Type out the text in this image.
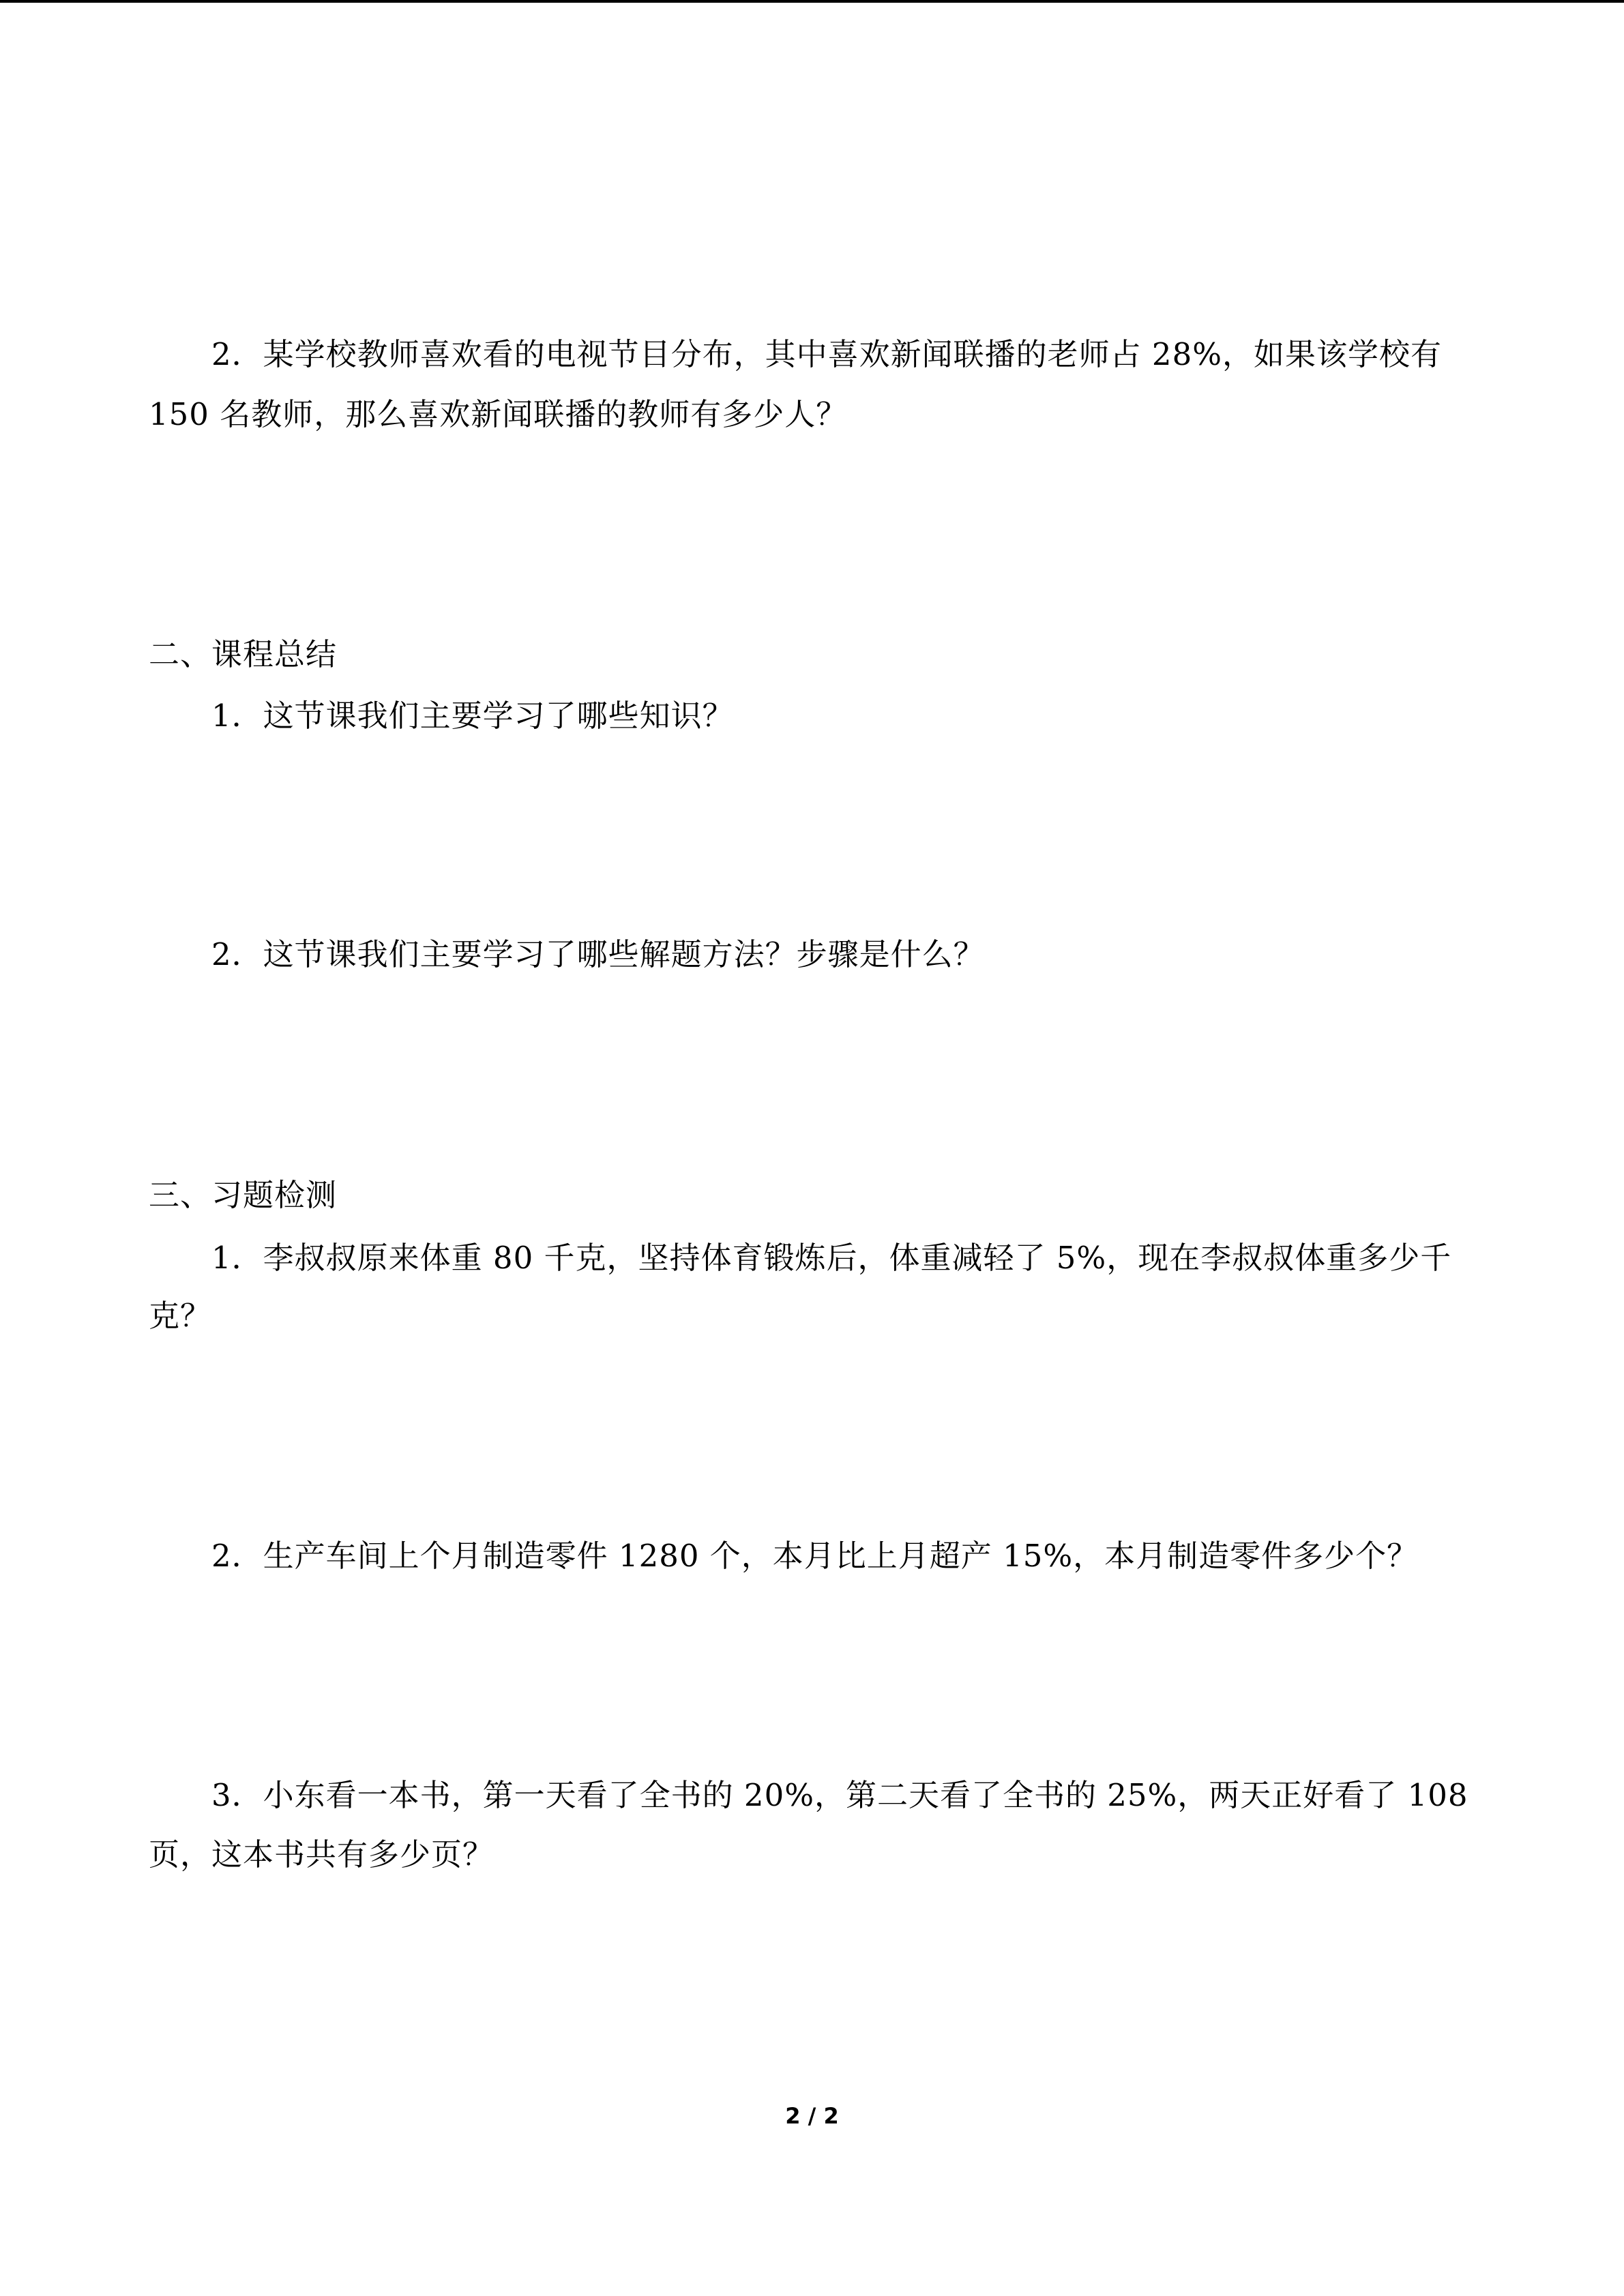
2．某学校教师喜欢看的电视节目分布，其中喜欢新闻联播的老师占 28%，如果该学校有
150 名教师，那么喜欢新闻联播的教师有多少人？
二、课程总结
1．这节课我们主要学习了哪些知识？
2．这节课我们主要学习了哪些解题方法？步骤是什么？
三、习题检测
1．李叔叔原来体重 80 千克，坚持体育锻炼后，体重减轻了 5%，现在李叔叔体重多少千
克？
2．生产车间上个月制造零件 1280 个，本月比上月超产 15%，本月制造零件多少个？
3．小东看一本书，第一天看了全书的 20%，第二天看了全书的 25%，两天正好看了 108
页，这本书共有多少页？
2 / 2
